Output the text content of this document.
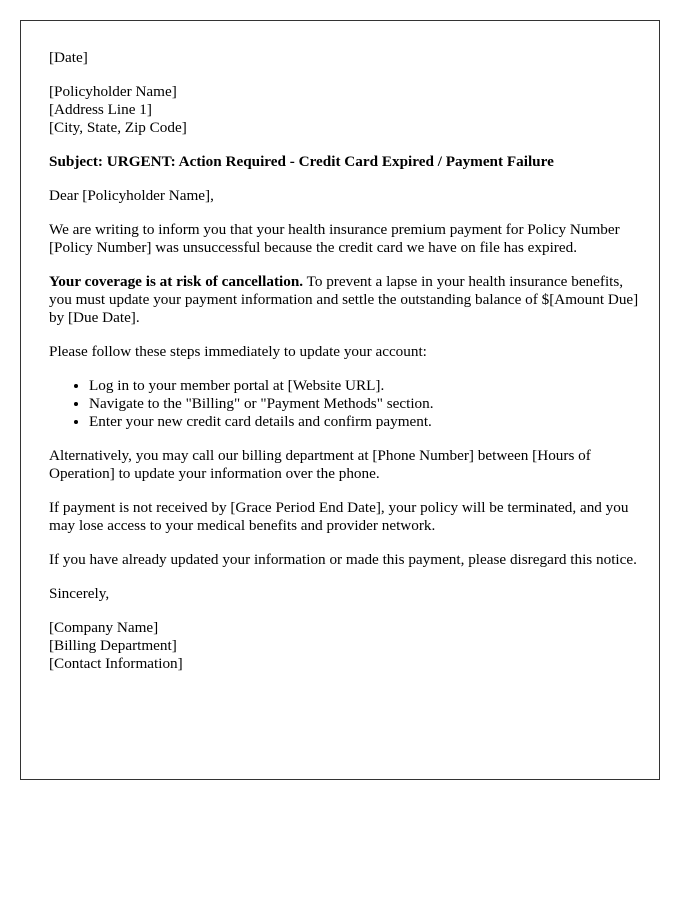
[Date]
[Policyholder Name]
[Address Line 1]
[City, State, Zip Code]
Subject: URGENT: Action Required - Credit Card Expired / Payment Failure
Dear [Policyholder Name],
We are writing to inform you that your health insurance premium payment for Policy Number [Policy Number] was unsuccessful because the credit card we have on file has expired.
Your coverage is at risk of cancellation. To prevent a lapse in your health insurance benefits, you must update your payment information and settle the outstanding balance of $[Amount Due] by [Due Date].
Please follow these steps immediately to update your account:
• Log in to your member portal at [Website URL].
• Navigate to the "Billing" or "Payment Methods" section.
• Enter your new credit card details and confirm payment.
Alternatively, you may call our billing department at [Phone Number] between [Hours of Operation] to update your information over the phone.
If payment is not received by [Grace Period End Date], your policy will be terminated, and you may lose access to your medical benefits and provider network.
If you have already updated your information or made this payment, please disregard this notice.
Sincerely,
[Company Name]
[Billing Department]
[Contact Information]
